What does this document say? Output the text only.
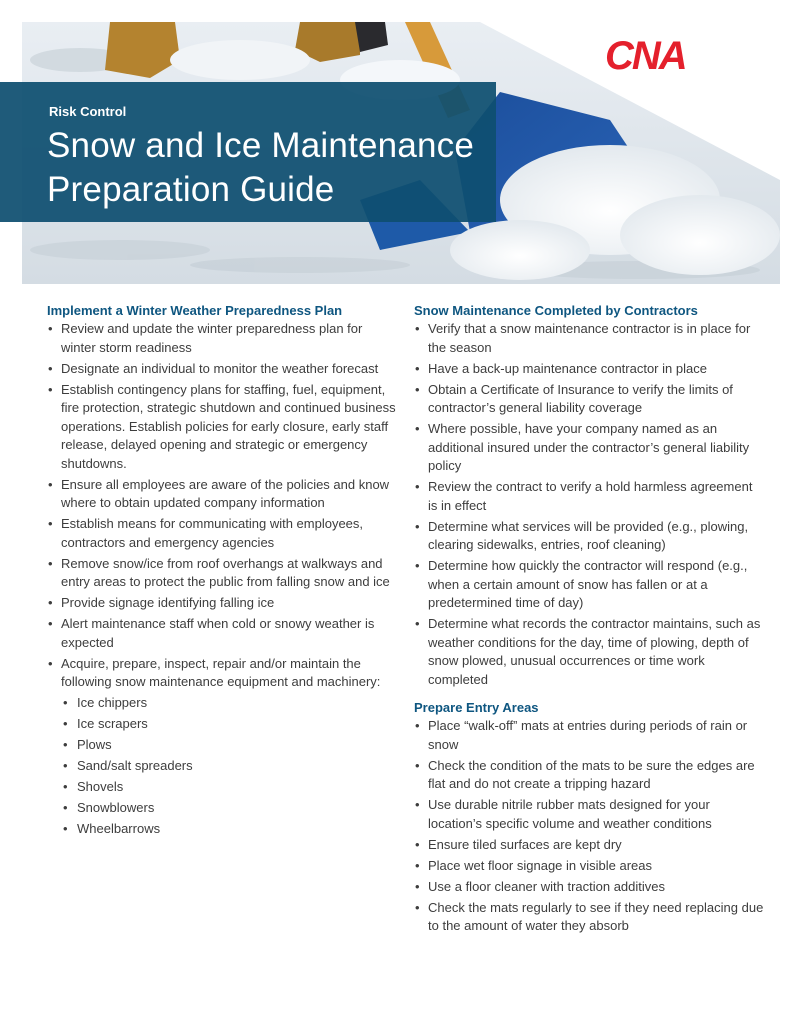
CNA
Risk Control
Snow and Ice Maintenance
Preparation Guide
Implement a Winter Weather Preparedness Plan
• Review and update the winter preparedness plan for winter storm readiness
• Designate an individual to monitor the weather forecast
• Establish contingency plans for staffing, fuel, equipment, fire protection, strategic shutdown and continued business operations. Establish policies for early closure, early staff release, delayed opening and strategic or emergency shutdowns.
• Ensure all employees are aware of the policies and know where to obtain updated company information
• Establish means for communicating with employees, contractors and emergency agencies
• Remove snow/ice from roof overhangs at walkways and entry areas to protect the public from falling snow and ice
• Provide signage identifying falling ice
• Alert maintenance staff when cold or snowy weather is expected
• Acquire, prepare, inspect, repair and/or maintain the following snow maintenance equipment and machinery:
• Ice chippers
• Ice scrapers
• Plows
• Sand/salt spreaders
• Shovels
• Snowblowers
• Wheelbarrows
Snow Maintenance Completed by Contractors
• Verify that a snow maintenance contractor is in place for the season
• Have a back-up maintenance contractor in place
• Obtain a Certificate of Insurance to verify the limits of contractor’s general liability coverage
• Where possible, have your company named as an additional insured under the contractor’s general liability policy
• Review the contract to verify a hold harmless agreement is in effect
• Determine what services will be provided (e.g., plowing, clearing sidewalks, entries, roof cleaning)
• Determine how quickly the contractor will respond (e.g., when a certain amount of snow has fallen or at a predetermined time of day)
• Determine what records the contractor maintains, such as weather conditions for the day, time of plowing, depth of snow plowed, unusual occurrences or time work completed
Prepare Entry Areas
• Place “walk-off” mats at entries during periods of rain or snow
• Check the condition of the mats to be sure the edges are flat and do not create a tripping hazard
• Use durable nitrile rubber mats designed for your location’s specific volume and weather conditions
• Ensure tiled surfaces are kept dry
• Place wet floor signage in visible areas
• Use a floor cleaner with traction additives
• Check the mats regularly to see if they need replacing due to the amount of water they absorb
